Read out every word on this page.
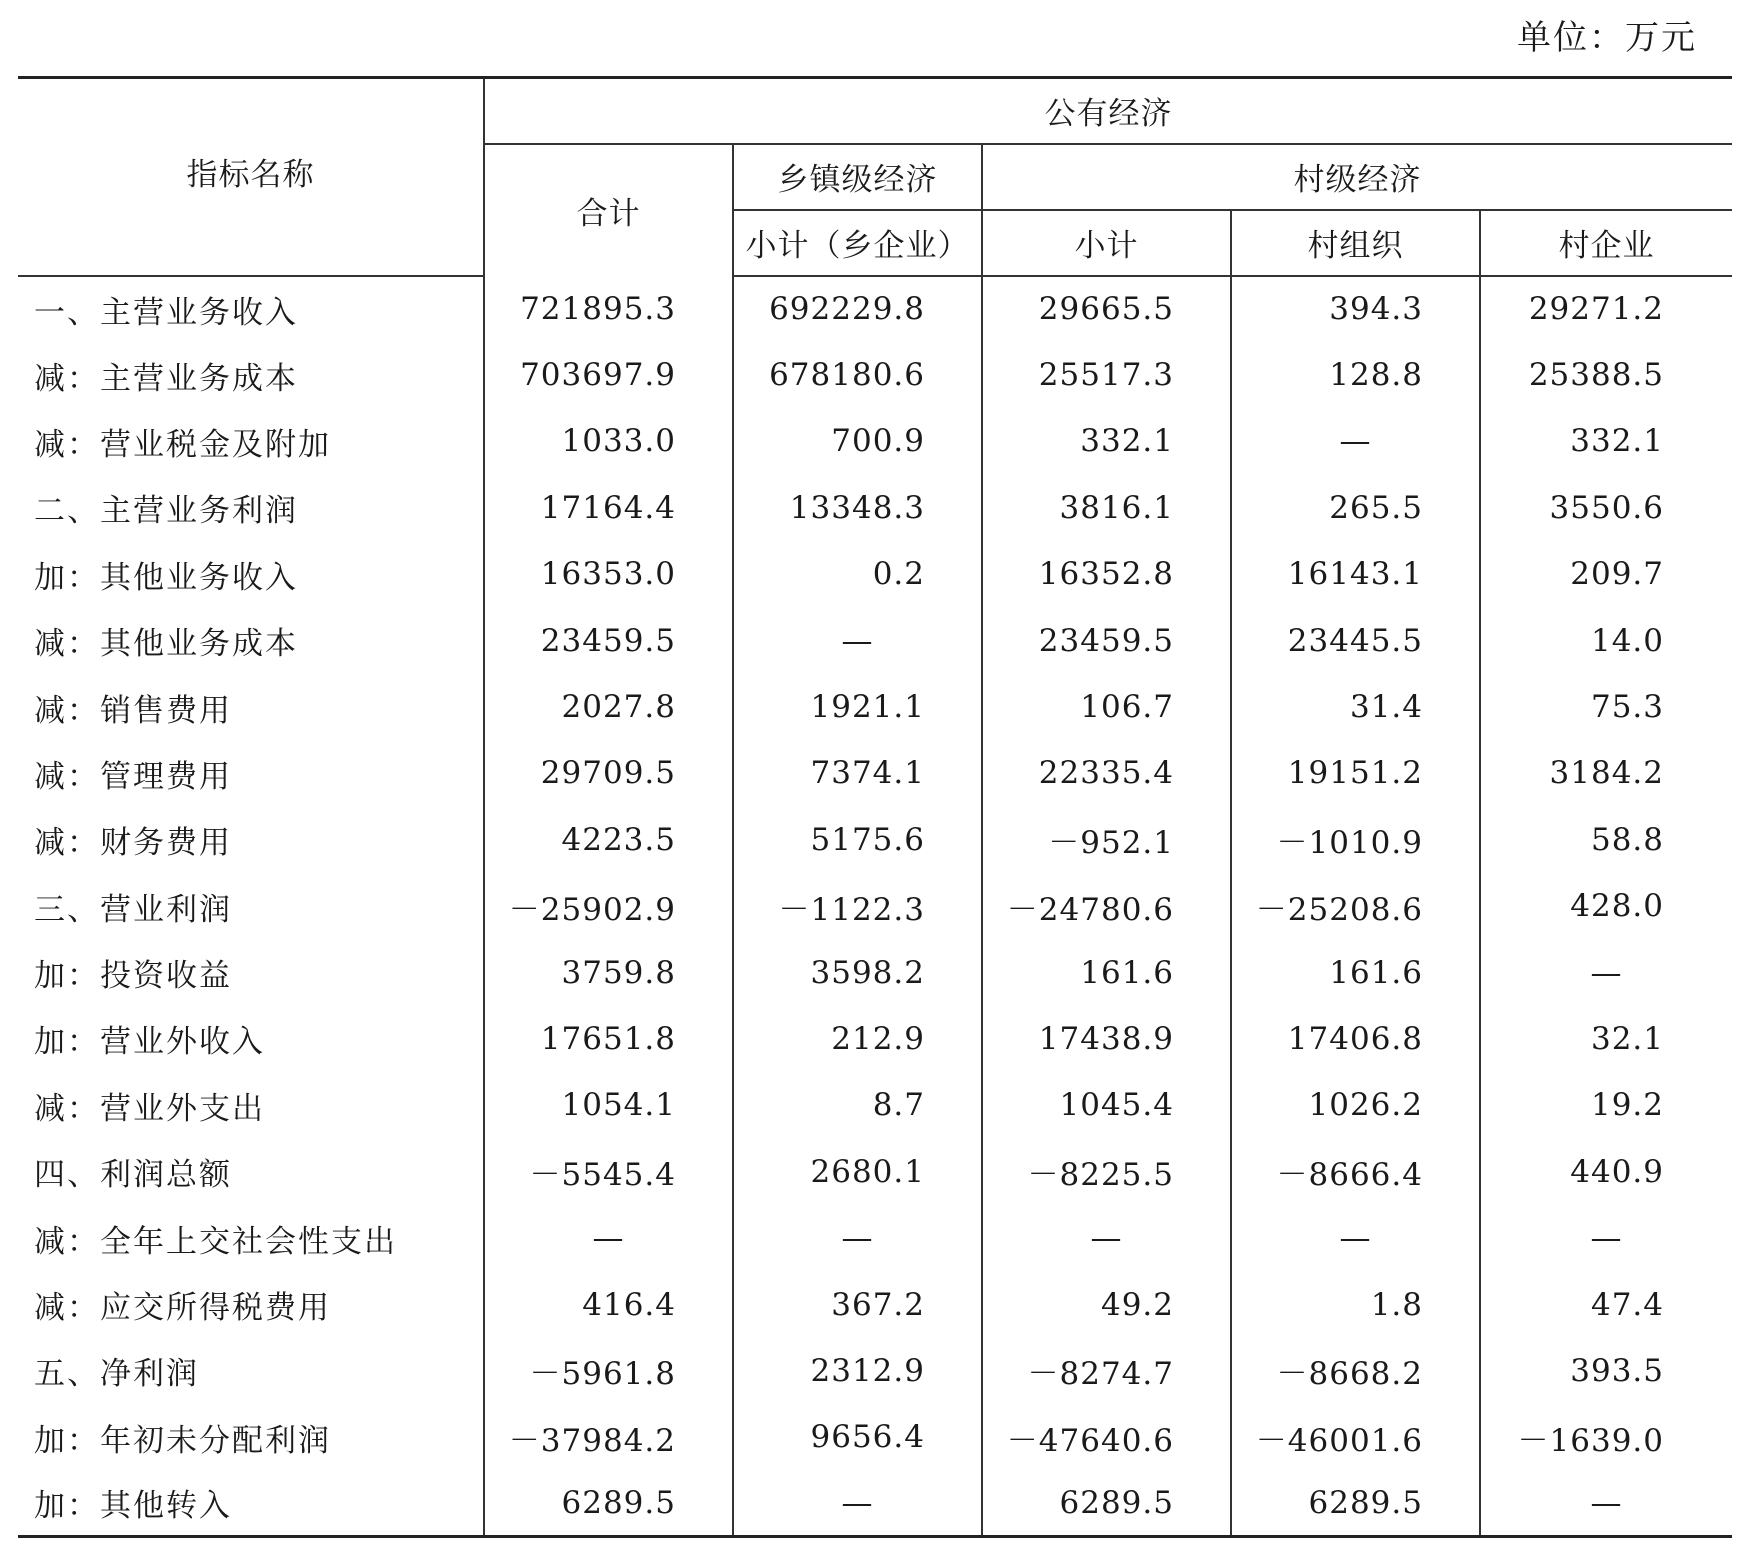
单位：万元
指标名称	公有经济				
	合计	乡镇级经济	村级经济		
		小计（乡企业）	小计	村组织	村企业
一、主营业务收入	721895.3	692229.8	29665.5	394.3	29271.2
减：主营业务成本	703697.9	678180.6	25517.3	128.8	25388.5
减：营业税金及附加	1033.0	700.9	332.1	—	332.1
二、主营业务利润	17164.4	13348.3	3816.1	265.5	3550.6
加：其他业务收入	16353.0	0.2	16352.8	16143.1	209.7
减：其他业务成本	23459.5	—	23459.5	23445.5	14.0
减：销售费用	2027.8	1921.1	106.7	31.4	75.3
减：管理费用	29709.5	7374.1	22335.4	19151.2	3184.2
减：财务费用	4223.5	5175.6	－952.1	－1010.9	58.8
三、营业利润	－25902.9	－1122.3	－24780.6	－25208.6	428.0
加：投资收益	3759.8	3598.2	161.6	161.6	—
加：营业外收入	17651.8	212.9	17438.9	17406.8	32.1
减：营业外支出	1054.1	8.7	1045.4	1026.2	19.2
四、利润总额	－5545.4	2680.1	－8225.5	－8666.4	440.9
减：全年上交社会性支出	—	—	—	—	—
减：应交所得税费用	416.4	367.2	49.2	1.8	47.4
五、净利润	－5961.8	2312.9	－8274.7	－8668.2	393.5
加：年初未分配利润	－37984.2	9656.4	－47640.6	－46001.6	－1639.0
加：其他转入	6289.5	—	6289.5	6289.5	—
